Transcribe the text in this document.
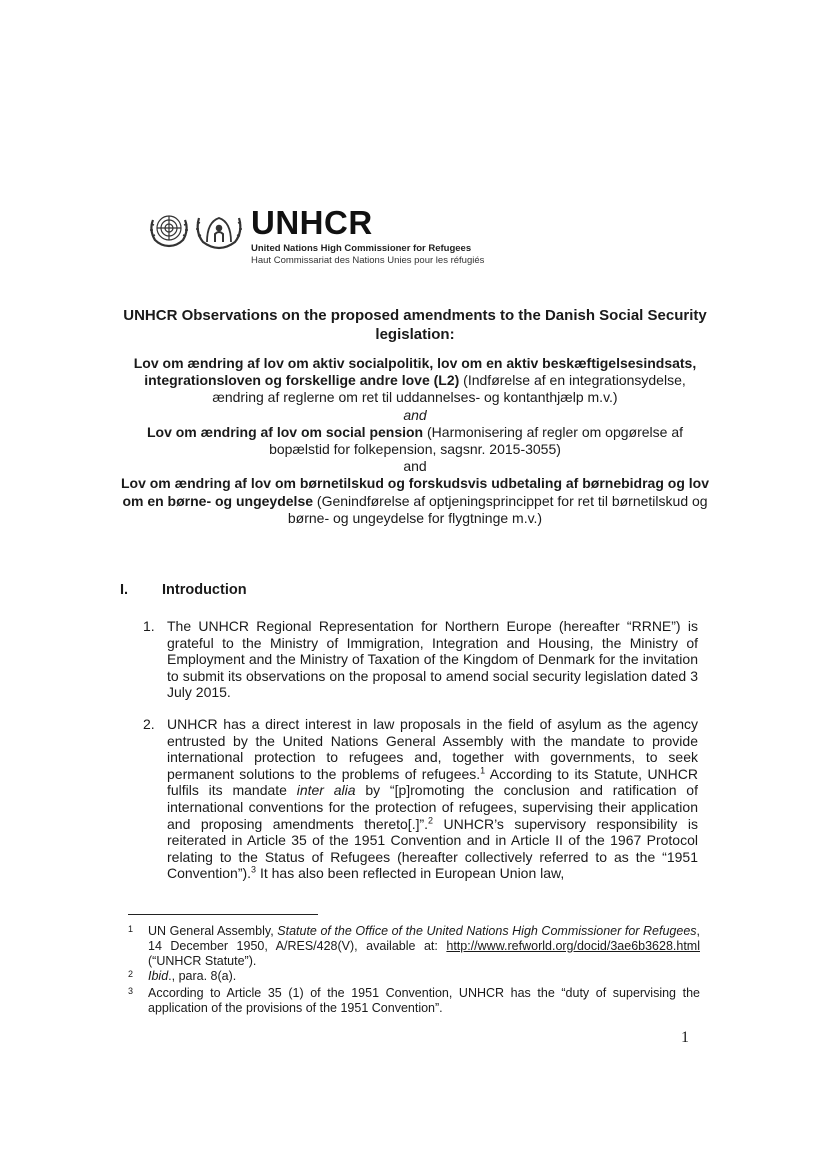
UNHCR
United Nations High Commissioner for Refugees
Haut Commissariat des Nations Unies pour les réfugiés
UNHCR Observations on the proposed amendments to the Danish Social Security legislation:
Lov om ændring af lov om aktiv socialpolitik, lov om en aktiv beskæftigelsesindsats, integrationsloven og forskellige andre love (L2) (Indførelse af en integrationsydelse, ændring af reglerne om ret til uddannelses- og kontanthjælp m.v.)
and
Lov om ændring af lov om social pension (Harmonisering af regler om opgørelse af bopælstid for folkepension, sagsnr. 2015-3055)
and
Lov om ændring af lov om børnetilskud og forskudsvis udbetaling af børnebidrag og lov om en børne- og ungeydelse (Genindførelse af optjeningsprincippet for ret til børnetilskud og børne- og ungeydelse for flygtninge m.v.)
I. Introduction
1. The UNHCR Regional Representation for Northern Europe (hereafter “RRNE”) is grateful to the Ministry of Immigration, Integration and Housing, the Ministry of Employment and the Ministry of Taxation of the Kingdom of Denmark for the invitation to submit its observations on the proposal to amend social security legislation dated 3 July 2015.
2. UNHCR has a direct interest in law proposals in the field of asylum as the agency entrusted by the United Nations General Assembly with the mandate to provide international protection to refugees and, together with governments, to seek permanent solutions to the problems of refugees.$^1$ According to its Statute, UNHCR fulfils its mandate inter alia by “[p]romoting the conclusion and ratification of international conventions for the protection of refugees, supervising their application and proposing amendments thereto[.]”.$^2$ UNHCR’s supervisory responsibility is reiterated in Article 35 of the 1951 Convention and in Article II of the 1967 Protocol relating to the Status of Refugees (hereafter collectively referred to as the “1951 Convention”).$^3$ It has also been reflected in European Union law,
1 UN General Assembly, Statute of the Office of the United Nations High Commissioner for Refugees, 14 December 1950, A/RES/428(V), available at: http://www.refworld.org/docid/3ae6b3628.html (“UNHCR Statute”).
2 Ibid., para. 8(a).
3 According to Article 35 (1) of the 1951 Convention, UNHCR has the “duty of supervising the application of the provisions of the 1951 Convention”.
1
